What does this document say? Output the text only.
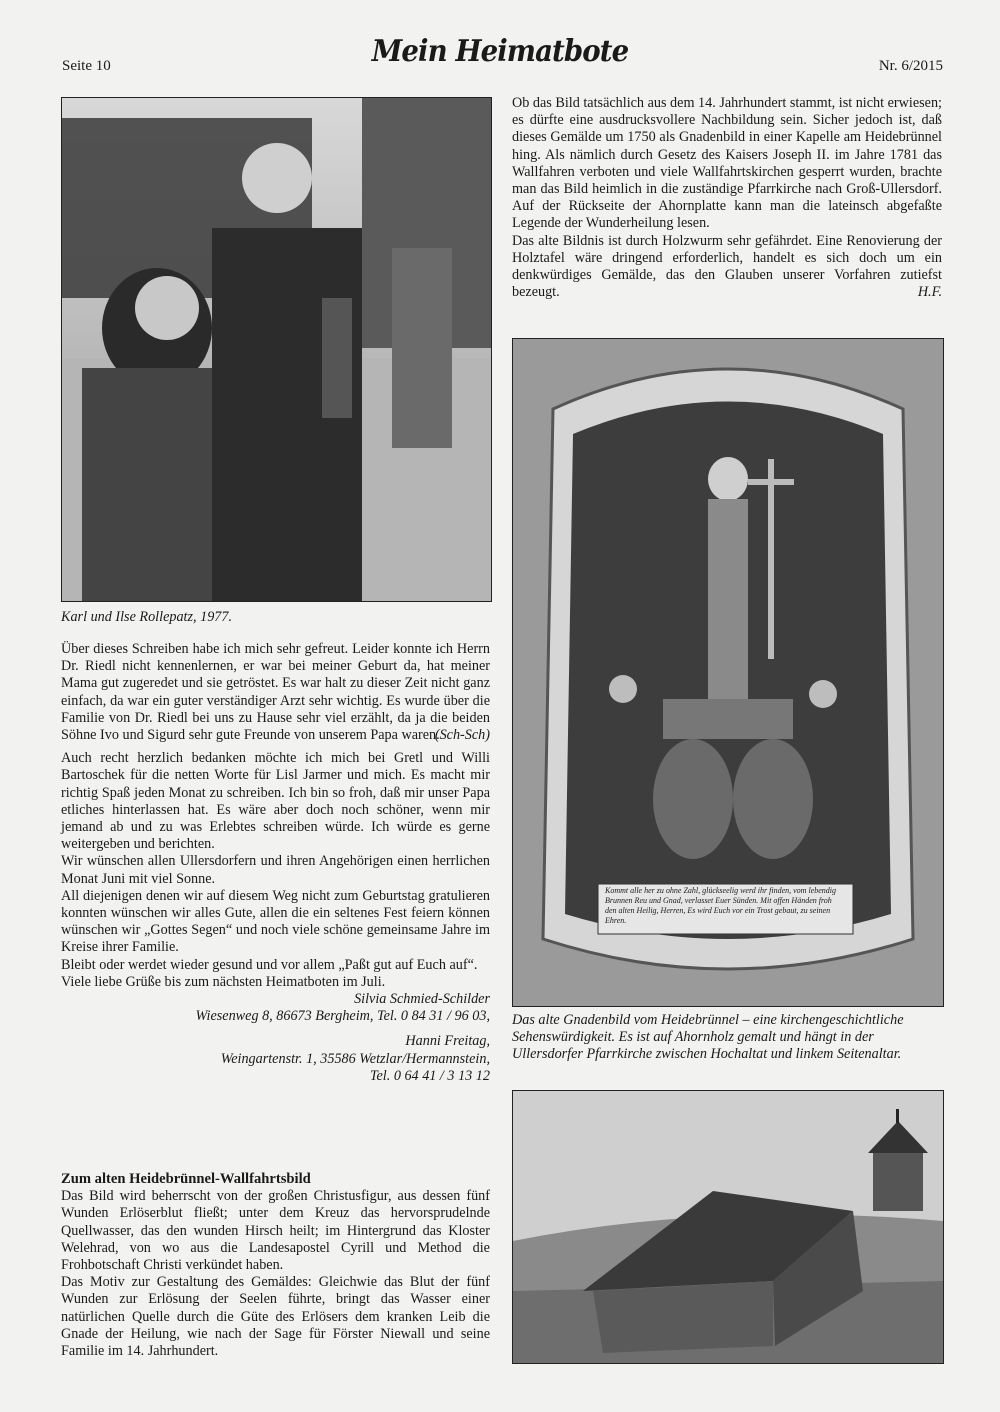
Seite 10	Mein Heimatbote	Nr. 6/2015
Karl und Ilse Rollepatz, 1977.

Über dieses Schreiben habe ich mich sehr gefreut. Leider konnte ich Herrn Dr. Riedl nicht kennenlernen, er war bei meiner Geburt da, hat meiner Mama gut zugeredet und sie getröstet. Es war halt zu dieser Zeit nicht ganz einfach, da war ein guter verständiger Arzt sehr wichtig. Es wurde über die Familie von Dr. Riedl bei uns zu Hause sehr viel erzählt, da ja die beiden Söhne Ivo und Sigurd sehr gute Freunde von unserem Papa waren.

(Sch-Sch)

Auch recht herzlich bedanken möchte ich mich bei Gretl und Willi Bartoschek für die netten Worte für Lisl Jarmer und mich. Es macht mir richtig Spaß jeden Monat zu schreiben. Ich bin so froh, daß mir unser Papa etliches hinterlassen hat. Es wäre aber doch noch schöner, wenn mir jemand ab und zu was Erlebtes schreiben würde. Ich würde es gerne weitergeben und berichten.

Wir wünschen allen Ullersdorfern und ihren Angehörigen einen herrlichen Monat Juni mit viel Sonne.

All diejenigen denen wir auf diesem Weg nicht zum Geburtstag gratulieren konnten wünschen wir alles Gute, allen die ein seltenes Fest feiern können wünschen wir „Gottes Segen“ und noch viele schöne gemeinsame Jahre im Kreise ihrer Familie.

Bleibt oder werdet wieder gesund und vor allem „Paßt gut auf Euch auf“.

Viele liebe Grüße bis zum nächsten Heimatboten im Juli.

Silvia Schmied-Schilder

Wiesenweg 8, 86673 Bergheim, Tel. 0 84 31 / 96 03,

Hanni Freitag,

Weingartenstr. 1, 35586 Wetzlar/Hermannstein,

Tel. 0 64 41 / 3 13 12

Zum alten Heidebrünnel-Wallfahrtsbild

Das Bild wird beherrscht von der großen Christusfigur, aus dessen fünf Wunden Erlöserblut fließt; unter dem Kreuz das hervorsprudelnde Quellwasser, das den wunden Hirsch heilt; im Hintergrund das Kloster Welehrad, von wo aus die Landesapostel Cyrill und Method die Frohbotschaft Christi verkündet haben.

Das Motiv zur Gestaltung des Gemäldes: Gleichwie das Blut der fünf Wunden zur Erlösung der Seelen führte, bringt das Wasser einer natürlichen Quelle durch die Güte des Erlösers dem kranken Leib die Gnade der Heilung, wie nach der Sage für Förster Niewall und seine Familie im 14. Jahrhundert.

Ob das Bild tatsächlich aus dem 14. Jahrhundert stammt, ist nicht erwiesen; es dürfte eine ausdrucksvollere Nachbildung sein. Sicher jedoch ist, daß dieses Gemälde um 1750 als Gnadenbild in einer Kapelle am Heidebrünnel hing. Als nämlich durch Gesetz des Kaisers Joseph II. im Jahre 1781 das Wallfahren verboten und viele Wallfahrtskirchen gesperrt wurden, brachte man das Bild heimlich in die zuständige Pfarrkirche nach Groß-Ullersdorf. Auf der Rückseite der Ahornplatte kann man die lateinsch abgefaßte Legende der Wunderheilung lesen.

Das alte Bildnis ist durch Holzwurm sehr gefährdet. Eine Renovierung der Holztafel wäre dringend erforderlich, handelt es sich doch um ein denkwürdiges Gemälde, das den Glauben unserer Vorfahren zutiefst bezeugt.	H.F.

Kommt alle her zu ohne Zahl, glückseelig werd ihr finden, vom lebendig Brunnen Reu und Gnad, verlasset Euer Sünden. Mit offen Händen froh den alten Heilig, Herren, Es wird Euch vor ein Trost gebaut, zu seinen Ehren.
Das alte Gnadenbild vom Heidebrünnel – eine kirchengeschichtliche Sehenswürdigkeit. Es ist auf Ahornholz gemalt und hängt in der Ullersdorfer Pfarrkirche zwischen Hochaltat und linkem Seitenaltar.
